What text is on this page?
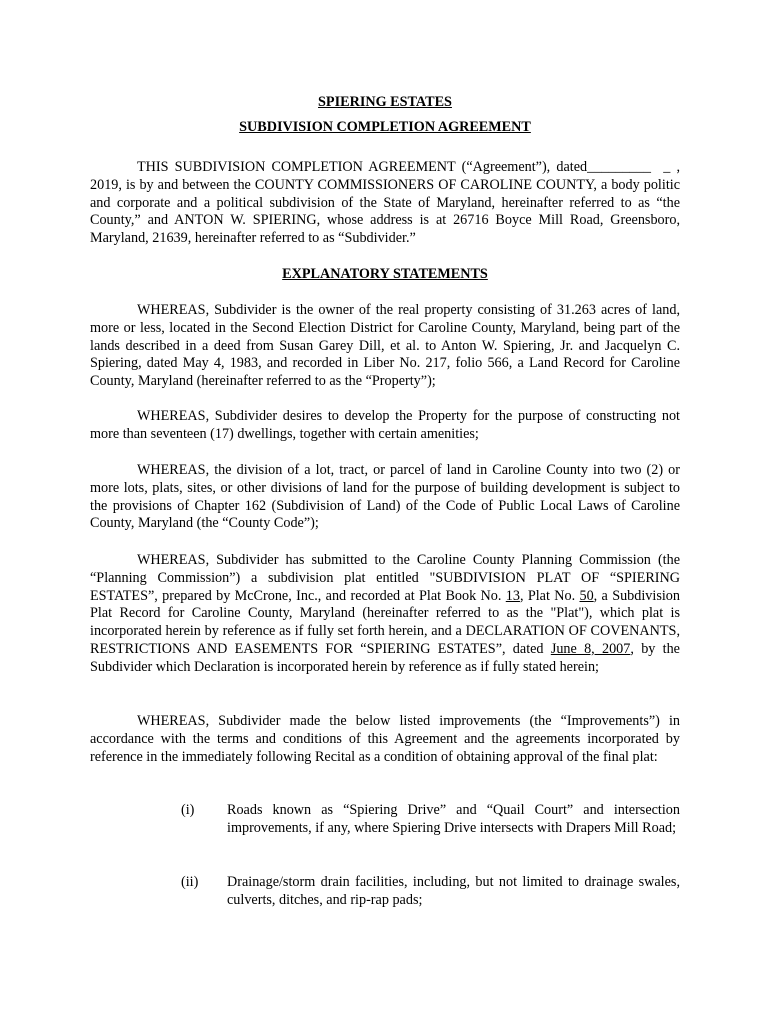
SPIERING ESTATES
SUBDIVISION COMPLETION AGREEMENT
THIS SUBDIVISION COMPLETION AGREEMENT (“Agreement”), dated_________ _ , 2019, is by and between the COUNTY COMMISSIONERS OF CAROLINE COUNTY, a body politic and corporate and a political subdivision of the State of Maryland, hereinafter referred to as “the County,” and ANTON W. SPIERING, whose address is at 26716 Boyce Mill Road, Greensboro, Maryland, 21639, hereinafter referred to as “Subdivider.”
EXPLANATORY STATEMENTS
WHEREAS, Subdivider is the owner of the real property consisting of 31.263 acres of land, more or less, located in the Second Election District for Caroline County, Maryland, being part of the lands described in a deed from Susan Garey Dill, et al. to Anton W. Spiering, Jr. and Jacquelyn C. Spiering, dated May 4, 1983, and recorded in Liber No. 217, folio 566, a Land Record for Caroline County, Maryland (hereinafter referred to as the “Property”);
WHEREAS, Subdivider desires to develop the Property for the purpose of constructing not more than seventeen (17) dwellings, together with certain amenities;
WHEREAS, the division of a lot, tract, or parcel of land in Caroline County into two (2) or more lots, plats, sites, or other divisions of land for the purpose of building development is subject to the provisions of Chapter 162 (Subdivision of Land) of the Code of Public Local Laws of Caroline County, Maryland (the “County Code”);
WHEREAS, Subdivider has submitted to the Caroline County Planning Commission (the “Planning Commission”) a subdivision plat entitled "SUBDIVISION PLAT OF “SPIERING ESTATES”, prepared by McCrone, Inc., and recorded at Plat Book No. 13, Plat No. 50, a Subdivision Plat Record for Caroline County, Maryland (hereinafter referred to as the "Plat"), which plat is incorporated herein by reference as if fully set forth herein, and a DECLARATION OF COVENANTS, RESTRICTIONS AND EASEMENTS FOR “SPIERING ESTATES”, dated June 8, 2007, by the Subdivider which Declaration is incorporated herein by reference as if fully stated herein;
WHEREAS, Subdivider made the below listed improvements (the “Improvements”) in accordance with the terms and conditions of this Agreement and the agreements incorporated by reference in the immediately following Recital as a condition of obtaining approval of the final plat:
(i) Roads known as “Spiering Drive” and “Quail Court” and intersection improvements, if any, where Spiering Drive intersects with Drapers Mill Road;
(ii) Drainage/storm drain facilities, including, but not limited to drainage swales, culverts, ditches, and rip-rap pads;
